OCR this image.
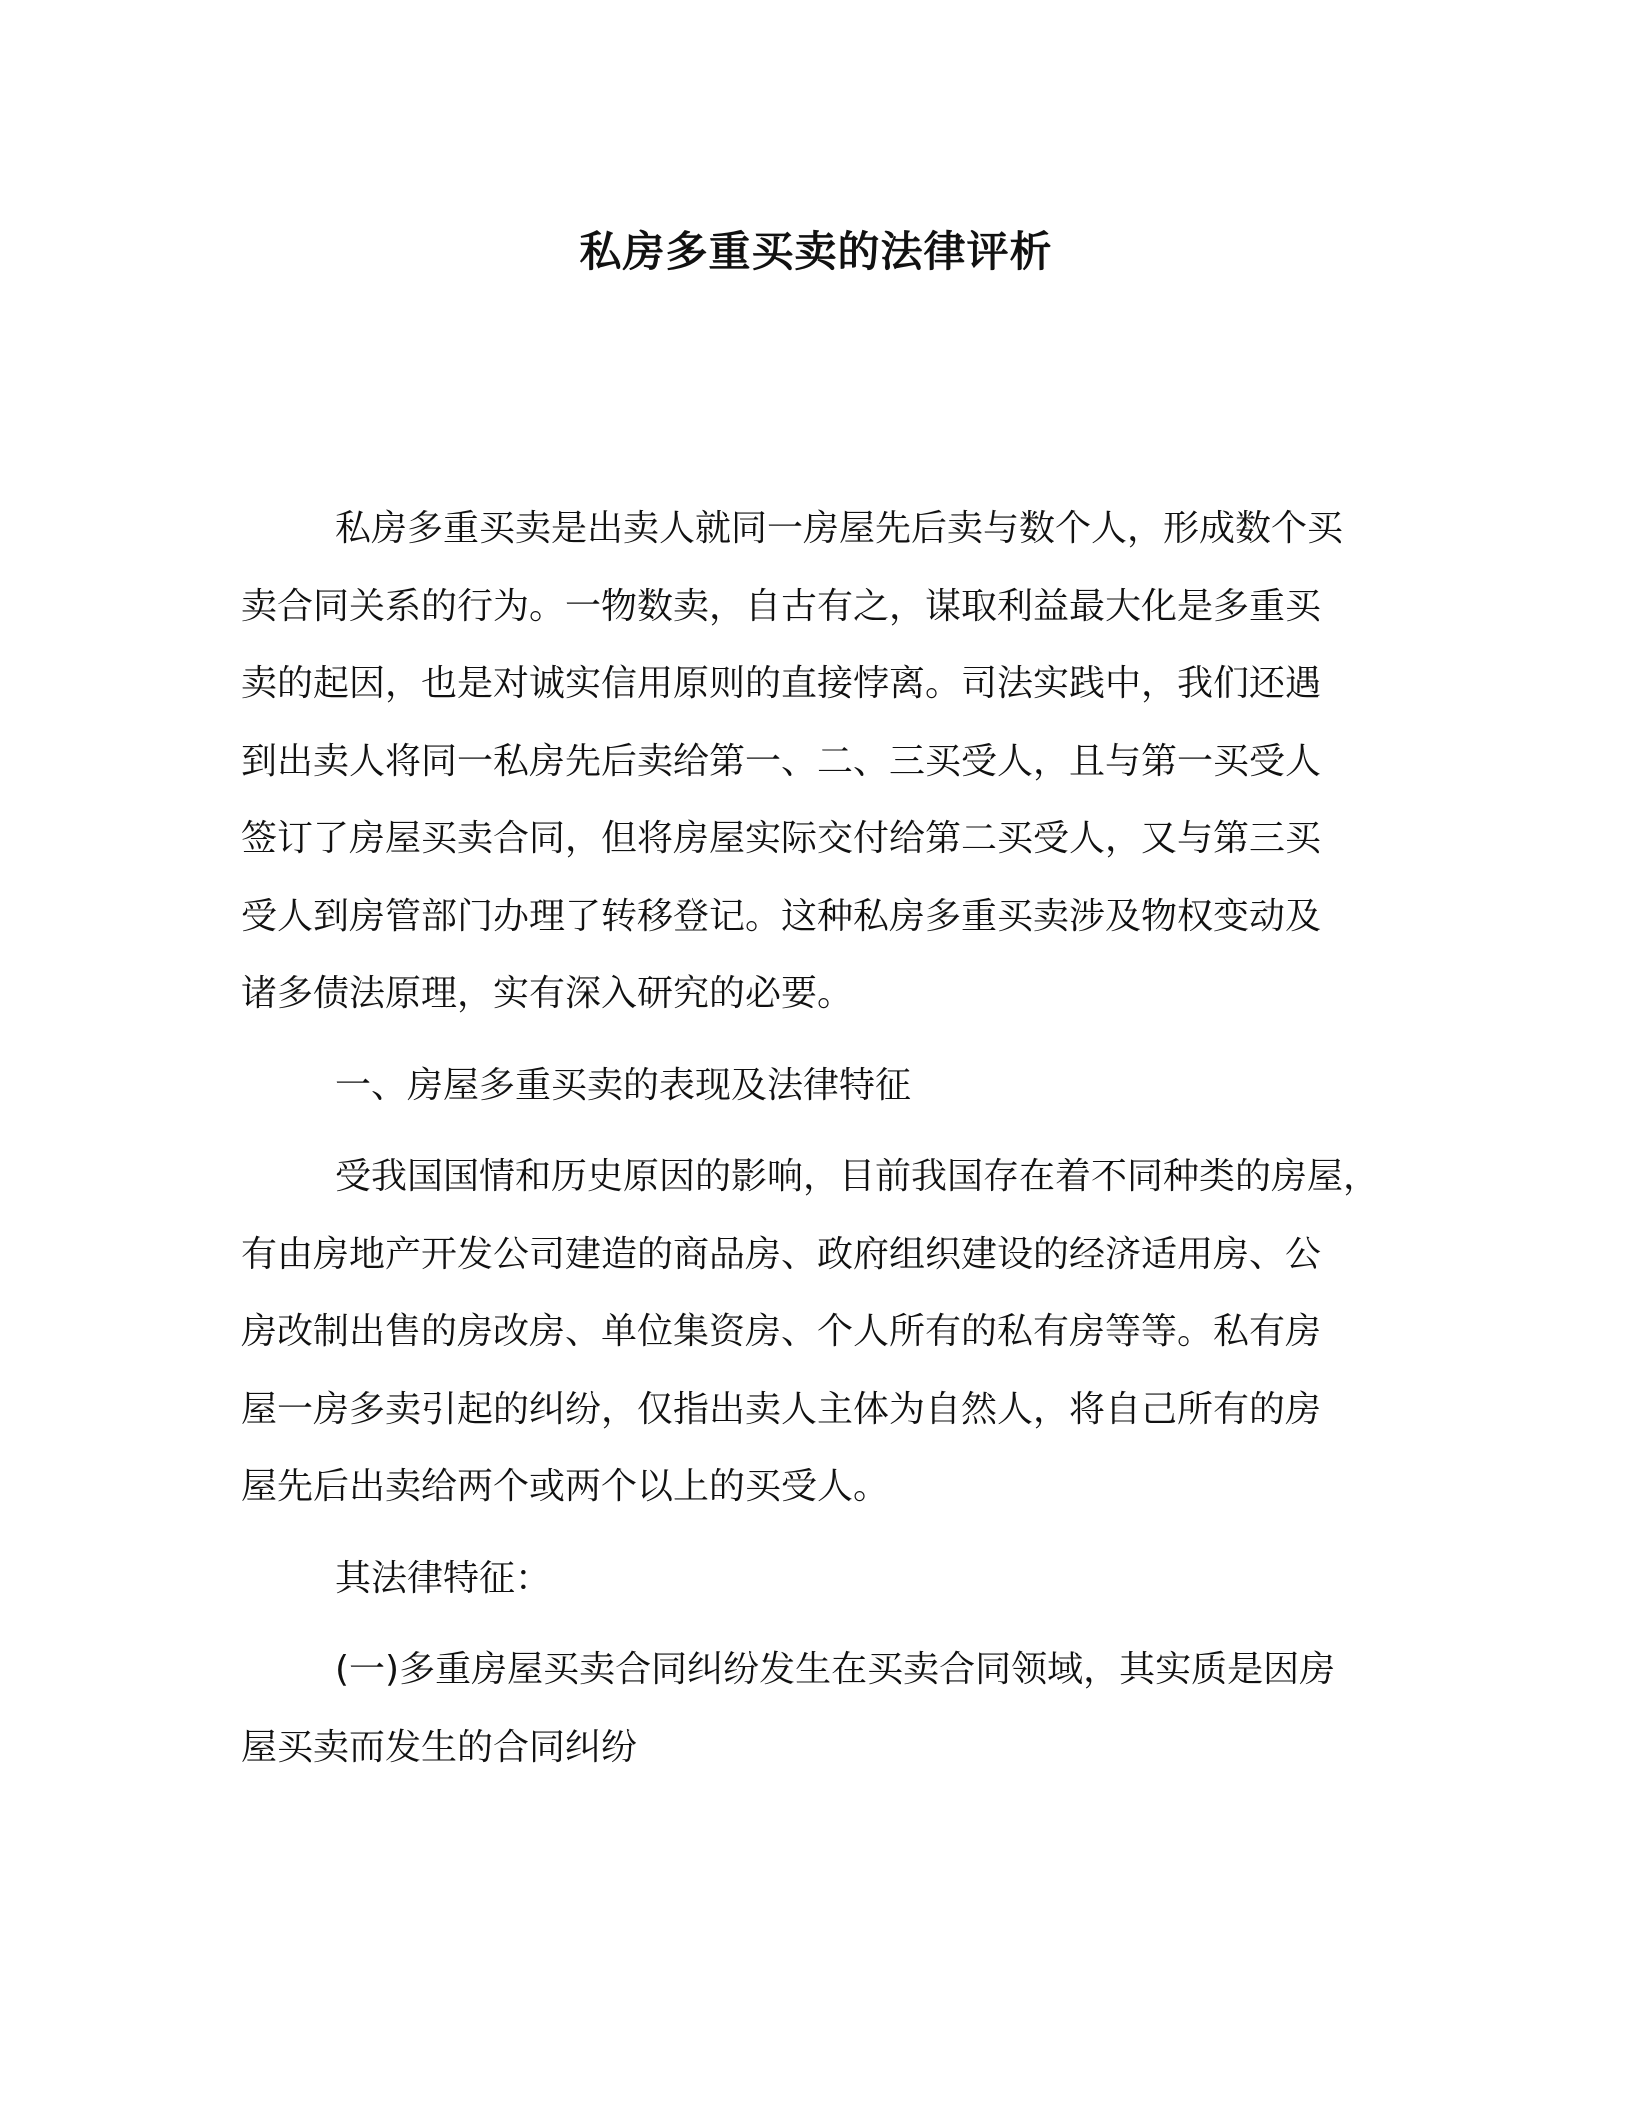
私房多重买卖的法律评析

私房多重买卖是出卖人就同一房屋先后卖与数个人，形成数个买
卖合同关系的行为。一物数卖，自古有之，谋取利益最大化是多重买
卖的起因，也是对诚实信用原则的直接悖离。司法实践中，我们还遇
到出卖人将同一私房先后卖给第一、二、三买受人，且与第一买受人
签订了房屋买卖合同，但将房屋实际交付给第二买受人，又与第三买
受人到房管部门办理了转移登记。这种私房多重买卖涉及物权变动及
诸多债法原理，实有深入研究的必要。

一、房屋多重买卖的表现及法律特征

受我国国情和历史原因的影响，目前我国存在着不同种类的房屋，
有由房地产开发公司建造的商品房、政府组织建设的经济适用房、公
房改制出售的房改房、单位集资房、个人所有的私有房等等。私有房
屋一房多卖引起的纠纷，仅指出卖人主体为自然人，将自己所有的房
屋先后出卖给两个或两个以上的买受人。

其法律特征：

(一)多重房屋买卖合同纠纷发生在买卖合同领域，其实质是因房
屋买卖而发生的合同纠纷
